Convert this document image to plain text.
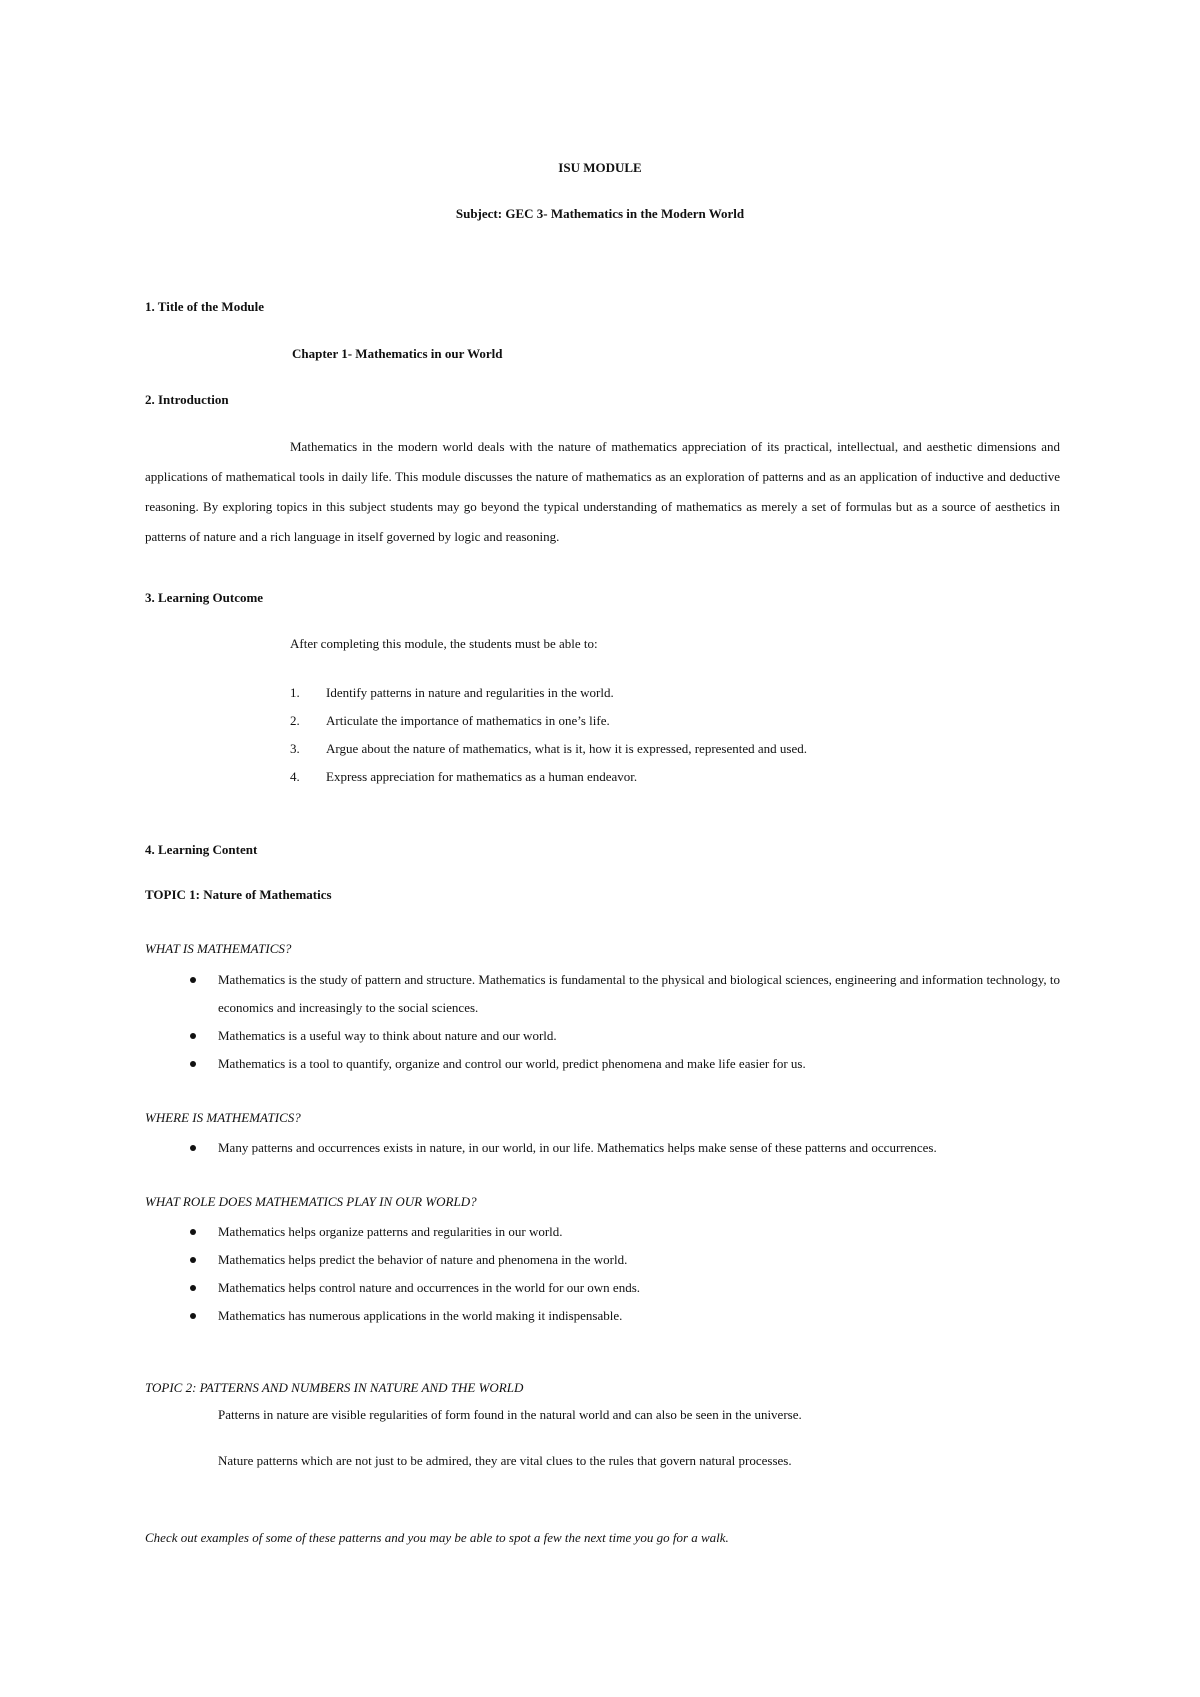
ISU MODULE
Subject: GEC 3- Mathematics in the Modern World
1. Title of the Module
Chapter 1- Mathematics in our World
2. Introduction
Mathematics in the modern world deals with the nature of mathematics appreciation of its practical, intellectual, and aesthetic dimensions and applications of mathematical tools in daily life. This module discusses the nature of mathematics as an exploration of patterns and as an application of inductive and deductive reasoning. By exploring topics in this subject students may go beyond the typical understanding of mathematics as merely a set of formulas but as a source of aesthetics in patterns of nature and a rich language in itself governed by logic and reasoning.
3. Learning Outcome
After completing this module, the students must be able to:
1. Identify patterns in nature and regularities in the world.
2. Articulate the importance of mathematics in one’s life.
3. Argue about the nature of mathematics, what is it, how it is expressed, represented and used.
4. Express appreciation for mathematics as a human endeavor.
4. Learning Content
TOPIC 1: Nature of Mathematics
WHAT IS MATHEMATICS?
Mathematics is the study of pattern and structure. Mathematics is fundamental to the physical and biological sciences, engineering and information technology, to economics and increasingly to the social sciences.
Mathematics is a useful way to think about nature and our world.
Mathematics is a tool to quantify, organize and control our world, predict phenomena and make life easier for us.
WHERE IS MATHEMATICS?
Many patterns and occurrences exists in nature, in our world, in our life. Mathematics helps make sense of these patterns and occurrences.
WHAT ROLE DOES MATHEMATICS PLAY IN OUR WORLD?
Mathematics helps organize patterns and regularities in our world.
Mathematics helps predict the behavior of nature and phenomena in the world.
Mathematics helps control nature and occurrences in the world for our own ends.
Mathematics has numerous applications in the world making it indispensable.
TOPIC 2: PATTERNS AND NUMBERS IN NATURE AND THE WORLD
Patterns in nature are visible regularities of form found in the natural world and can also be seen in the universe.
Nature patterns which are not just to be admired, they are vital clues to the rules that govern natural processes.
Check out examples of some of these patterns and you may be able to spot a few the next time you go for a walk.
